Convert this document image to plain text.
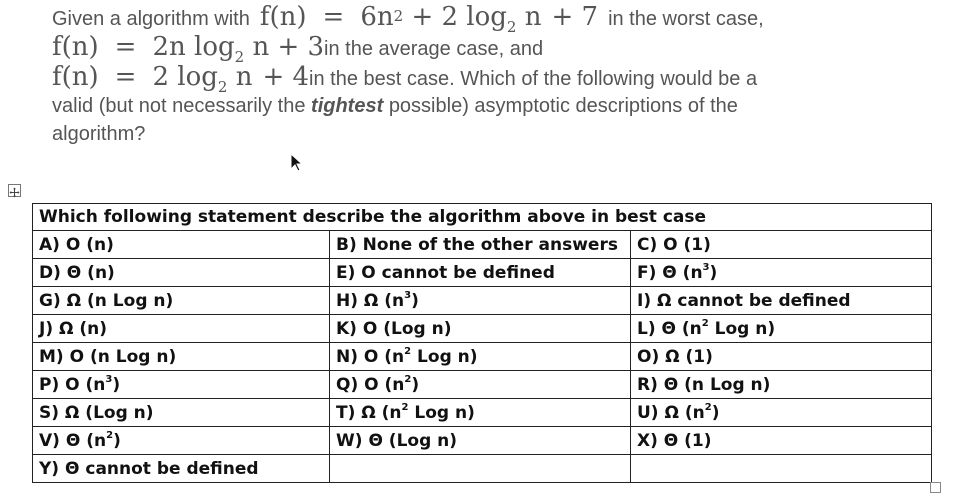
Given a algorithm with $f(n) = 6n^2 + 2$ $\log_2 n + 7$ in the worst case,
f(n) = 2n $\log_2 n + 3$ in the average case, and
f(n) = 2 $\log_2 n + 4$ in the best case. Which of the following would be a
valid (but not necessarily the
tightest
possible) asymptotic descriptions of the
algorithm?
Which following statement describe the algorithm above in best case		
A) O (n)	B) None of the other answers	C) O (1)
D) Θ (n)	E) O cannot be defined	F) Θ $(n^3)$
G) Ω (n Log n)	H) Ω $(n^3)$	I) Ω cannot be defined
J) Ω (n)	K) O (Log n)	L) Θ ($n^2$ Log n)
M) O (n Log n)	N) O ($n^2$ Log n)	O) Ω (1)
P) O $(n^3)$	Q) O $(n^2)$	R) Θ (n Log n)
S) Ω (Log n)	T) Ω ($n^2$ Log n)	U) Ω $(n^2)$
V) Θ $(n^2)$	W) Θ (Log n)	X) Θ (1)
Y) Θ cannot be defined		
